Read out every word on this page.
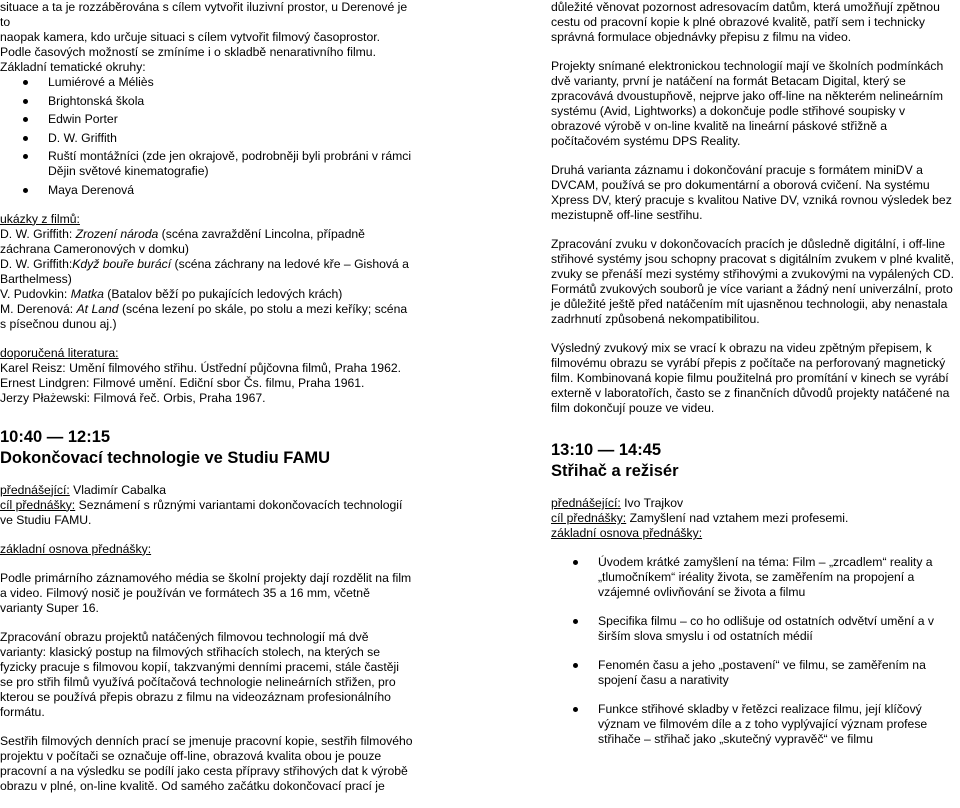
situace a ta je rozzáběrována s cílem vytvořit iluzivní prostor, u Derenové je to

naopak kamera, kdo určuje situaci s cílem vytvořit filmový časoprostor.

Podle časových možností se zmíníme i o skladbě nenarativního filmu.

Základní tematické okruhy:

Lumiérové a Méliès
Brightonská škola
Edwin Porter
D. W. Griffith
Ruští montážníci (zde jen okrajově, podrobněji byli probráni v rámci Dějin světové kinematografie)
Maya Derenová

ukázky z filmů:

D. W. Griffith: Zrození národa (scéna zavraždění Lincolna, případně záchrana Cameronových v domku)

D. W. Griffith:Když bouře burácí (scéna záchrany na ledové kře – Gishová a Barthelmess)

V. Pudovkin: Matka (Batalov běží po pukajících ledových krách)

M. Derenová: At Land (scéna lezení po skále, po stolu a mezi keříky; scéna s písečnou dunou aj.)

doporučená literatura:

Karel Reisz: Umění filmového střihu. Ústřední půjčovna filmů, Praha 1962.

Ernest Lindgren: Filmové umění. Ediční sbor Čs. filmu, Praha 1961.

Jerzy Płażewski: Filmová řeč. Orbis, Praha 1967.

10:40 — 12:15
Dokončovací technologie ve Studiu FAMU

přednášející: Vladimír Cabalka

cíl přednášky: Seznámení s různými variantami dokončovacích technologií ve Studiu FAMU.

základní osnova přednášky:

Podle primárního záznamového média se školní projekty dají rozdělit na film a video. Filmový nosič je používán ve formátech 35 a 16 mm, včetně varianty Super 16.

Zpracování obrazu projektů natáčených filmovou technologií má dvě varianty: klasický postup na filmových střihacích stolech, na kterých se fyzicky pracuje s filmovou kopií, takzvanými denními pracemi, stále častěji se pro střih filmů využívá počítačová technologie nelineárních střižen, pro kterou se používá přepis obrazu z filmu na videozáznam profesionálního formátu.

Sestřih filmových denních prací se jmenuje pracovní kopie, sestřih filmového projektu v počítači se označuje off-line, obrazová kvalita obou je pouze pracovní a na výsledku se podílí jako cesta přípravy střihových dat k výrobě obrazu v plné, on-line kvalitě. Od samého začátku dokončovací prací je

důležité věnovat pozornost adresovacím datům, která umožňují zpětnou cestu od pracovní kopie k plné obrazové kvalitě, patří sem i technicky správná formulace objednávky přepisu z filmu na video.

Projekty snímané elektronickou technologií mají ve školních podmínkách dvě varianty, první je natáčení na formát Betacam Digital, který se zpracovává dvoustupňově, nejprve jako off-line na některém nelineárním systému (Avid, Lightworks) a dokončuje podle střihové soupisky v obrazové výrobě v on-line kvalitě na lineární páskové střižně a počítačovém systému DPS Reality.

Druhá varianta záznamu i dokončování pracuje s formátem miniDV a DVCAM, používá se pro dokumentární a oborová cvičení. Na systému Xpress DV, který pracuje s kvalitou Native DV, vzniká rovnou výsledek bez mezistupně off-line sestřihu.

Zpracování zvuku v dokončovacích pracích je důsledně digitální, i off-line střihové systémy jsou schopny pracovat s digitálním zvukem v plné kvalitě, zvuky se přenáší mezi systémy střihovými a zvukovými na vypálených CD. Formátů zvukových souborů je více variant a žádný není univerzální, proto je důležité ještě před natáčením mít ujasněnou technologii, aby nenastala zadrhnutí způsobená nekompatibilitou.

Výsledný zvukový mix se vrací k obrazu na videu zpětným přepisem, k filmovému obrazu se vyrábí přepis z počítače na perforovaný magnetický film. Kombinovaná kopie filmu použitelná pro promítání v kinech se vyrábí externě v laboratořích, často se z finančních důvodů projekty natáčené na film dokončují pouze ve videu.

13:10 — 14:45
Střihač a režisér

přednášející: Ivo Trajkov

cíl přednášky: Zamyšlení nad vztahem mezi profesemi.

základní osnova přednášky:

Úvodem krátké zamyšlení na téma: Film – „zrcadlem“ reality a „tlumočníkem“ iréality života, se zaměřením na propojení a vzájemné ovlivňování se života a filmu
Specifika filmu – co ho odlišuje od ostatních odvětví umění a v širším slova smyslu i od ostatních médií
Fenomén času a jeho „postavení“ ve filmu, se zaměřením na spojení času a narativity
Funkce střihové skladby v řetězci realizace filmu, její klíčový význam ve filmovém díle a z toho vyplývající význam profese střihače – střihač jako „skutečný vypravěč“ ve filmu
